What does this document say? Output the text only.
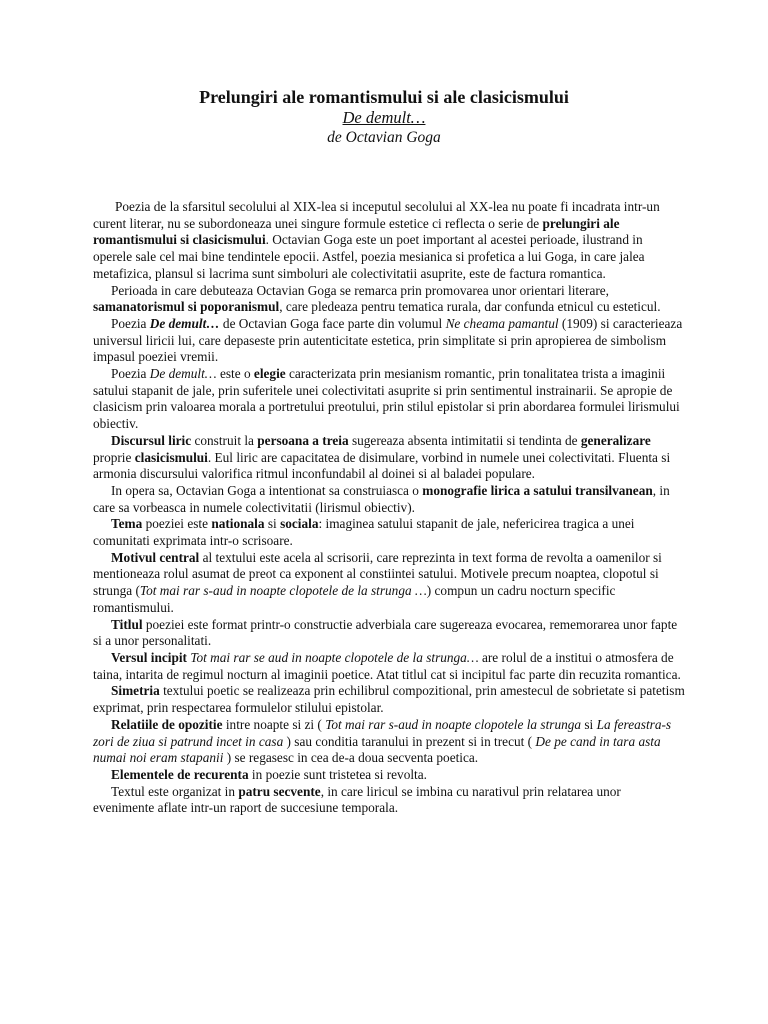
Prelungiri ale romantismului si ale clasicismului

De demult…

de Octavian Goga

Poezia de la sfarsitul secolului al XIX-lea si inceputul secolului al XX-lea nu poate fi incadrata intr-un curent literar, nu se subordoneaza unei singure formule estetice ci reflecta o serie de prelungiri ale romantismului si clasicismului. Octavian Goga este un poet important al acestei perioade, ilustrand in operele sale cel mai bine tendintele epocii. Astfel, poezia mesianica si profetica a lui Goga, in care jalea metafizica, plansul si lacrima sunt simboluri ale colectivitatii asuprite, este de factura romantica.

Perioada in care debuteaza Octavian Goga se remarca prin promovarea unor orientari literare, samanatorismul si poporanismul, care pledeaza pentru tematica rurala, dar confunda etnicul cu esteticul.

Poezia De demult… de Octavian Goga face parte din volumul Ne cheama pamantul (1909) si caracterieaza universul liricii lui, care depaseste prin autenticitate estetica, prin simplitate si prin apropierea de simbolism impasul poeziei vremii.

Poezia De demult… este o elegie caracterizata prin mesianism romantic, prin tonalitatea trista a imaginii satului stapanit de jale, prin suferitele unei colectivitati asuprite si prin sentimentul instrainarii. Se apropie de clasicism prin valoarea morala a portretului preotului, prin stilul epistolar si prin abordarea formulei lirismului obiectiv.

Discursul liric construit la persoana a treia sugereaza absenta intimitatii si tendinta de generalizare proprie clasicismului. Eul liric are capacitatea de disimulare, vorbind in numele unei colectivitati. Fluenta si armonia discursului valorifica ritmul inconfundabil al doinei si al baladei populare.

In opera sa, Octavian Goga a intentionat sa construiasca o monografie lirica a satului transilvanean, in care sa vorbeasca in numele colectivitatii (lirismul obiectiv).

Tema poeziei este nationala si sociala: imaginea satului stapanit de jale, nefericirea tragica a unei comunitati exprimata intr-o scrisoare.

Motivul central al textului este acela al scrisorii, care reprezinta in text forma de revolta a oamenilor si mentioneaza rolul asumat de preot ca exponent al constiintei satului. Motivele precum noaptea, clopotul si strunga (Tot mai rar s-aud in noapte clopotele de la strunga …) compun un cadru nocturn specific romantismului.

Titlul poeziei este format printr-o constructie adverbiala care sugereaza evocarea, rememorarea unor fapte si a unor personalitati.

Versul incipit Tot mai rar se aud in noapte clopotele de la strunga… are rolul de a institui o atmosfera de taina, intarita de regimul nocturn al imaginii poetice. Atat titlul cat si incipitul fac parte din recuzita romantica.

Simetria textului poetic se realizeaza prin echilibrul compozitional, prin amestecul de sobrietate si patetism exprimat, prin respectarea formulelor stilului epistolar.

Relatiile de opozitie intre noapte si zi ( Tot mai rar s-aud in noapte clopotele la strunga si La fereastra-s zori de ziua si patrund incet in casa ) sau conditia taranului in prezent si in trecut ( De pe cand in tara asta numai noi eram stapanii ) se regasesc in cea de-a doua secventa poetica.

Elementele de recurenta in poezie sunt tristetea si revolta.

Textul este organizat in patru secvente, in care liricul se imbina cu narativul prin relatarea unor evenimente aflate intr-un raport de succesiune temporala.
